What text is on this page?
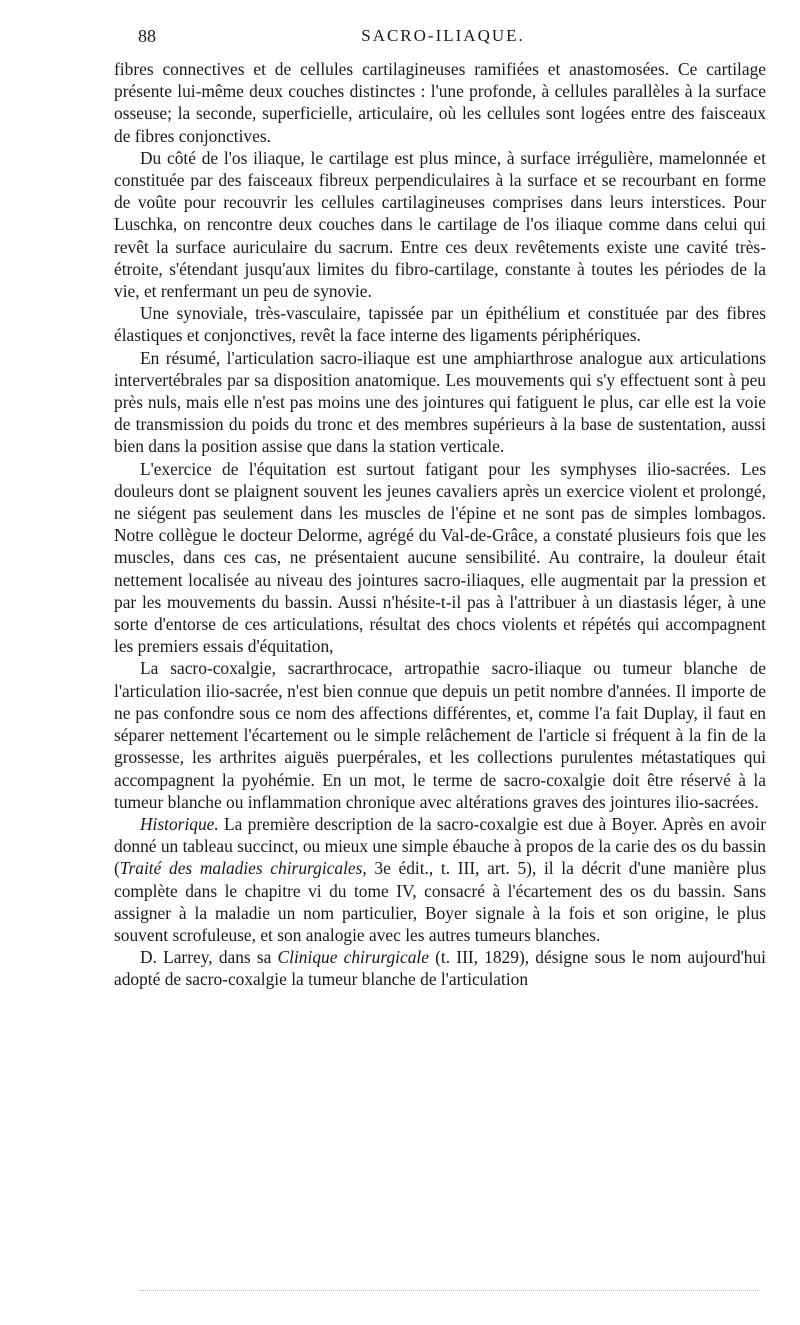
88	SACRO-ILIAQUE.

fibres connectives et de cellules cartilagineuses ramifiées et anastomosées. Ce cartilage présente lui-même deux couches distinctes : l'une profonde, à cellules parallèles à la surface osseuse; la seconde, superficielle, articulaire, où les cellules sont logées entre des faisceaux de fibres conjonctives.

Du côté de l'os iliaque, le cartilage est plus mince, à surface irrégulière, mamelonnée et constituée par des faisceaux fibreux perpendiculaires à la surface et se recourbant en forme de voûte pour recouvrir les cellules cartilagineuses comprises dans leurs interstices. Pour Luschka, on rencontre deux couches dans le cartilage de l'os iliaque comme dans celui qui revêt la surface auriculaire du sacrum. Entre ces deux revêtements existe une cavité très-étroite, s'étendant jusqu'aux limites du fibro-cartilage, constante à toutes les périodes de la vie, et renfermant un peu de synovie.

Une synoviale, très-vasculaire, tapissée par un épithélium et constituée par des fibres élastiques et conjonctives, revêt la face interne des ligaments périphériques.

En résumé, l'articulation sacro-iliaque est une amphiarthrose analogue aux articulations intervertébrales par sa disposition anatomique. Les mouvements qui s'y effectuent sont à peu près nuls, mais elle n'est pas moins une des jointures qui fatiguent le plus, car elle est la voie de transmission du poids du tronc et des membres supérieurs à la base de sustentation, aussi bien dans la position assise que dans la station verticale.

L'exercice de l'équitation est surtout fatigant pour les symphyses ilio-sacrées. Les douleurs dont se plaignent souvent les jeunes cavaliers après un exercice violent et prolongé, ne siégent pas seulement dans les muscles de l'épine et ne sont pas de simples lombagos. Notre collègue le docteur Delorme, agrégé du Val-de-Grâce, a constaté plusieurs fois que les muscles, dans ces cas, ne présentaient aucune sensibilité. Au contraire, la douleur était nettement localisée au niveau des jointures sacro-iliaques, elle augmentait par la pression et par les mouvements du bassin. Aussi n'hésite-t-il pas à l'attribuer à un diastasis léger, à une sorte d'entorse de ces articulations, résultat des chocs violents et répétés qui accompagnent les premiers essais d'équitation,

La sacro-coxalgie, sacrarthrocace, artropathie sacro-iliaque ou tumeur blanche de l'articulation ilio-sacrée, n'est bien connue que depuis un petit nombre d'années. Il importe de ne pas confondre sous ce nom des affections différentes, et, comme l'a fait Duplay, il faut en séparer nettement l'écartement ou le simple relâchement de l'article si fréquent à la fin de la grossesse, les arthrites aiguës puerpérales, et les collections purulentes métastatiques qui accompagnent la pyohémie. En un mot, le terme de sacro-coxalgie doit être réservé à la tumeur blanche ou inflammation chronique avec altérations graves des jointures ilio-sacrées.

Historique. La première description de la sacro-coxalgie est due à Boyer. Après en avoir donné un tableau succinct, ou mieux une simple ébauche à propos de la carie des os du bassin (Traité des maladies chirurgicales, 3e édit., t. III, art. 5), il la décrit d'une manière plus complète dans le chapitre vi du tome IV, consacré à l'écartement des os du bassin. Sans assigner à la maladie un nom particulier, Boyer signale à la fois et son origine, le plus souvent scrofuleuse, et son analogie avec les autres tumeurs blanches.

D. Larrey, dans sa Clinique chirurgicale (t. III, 1829), désigne sous le nom aujourd'hui adopté de sacro-coxalgie la tumeur blanche de l'articulation
